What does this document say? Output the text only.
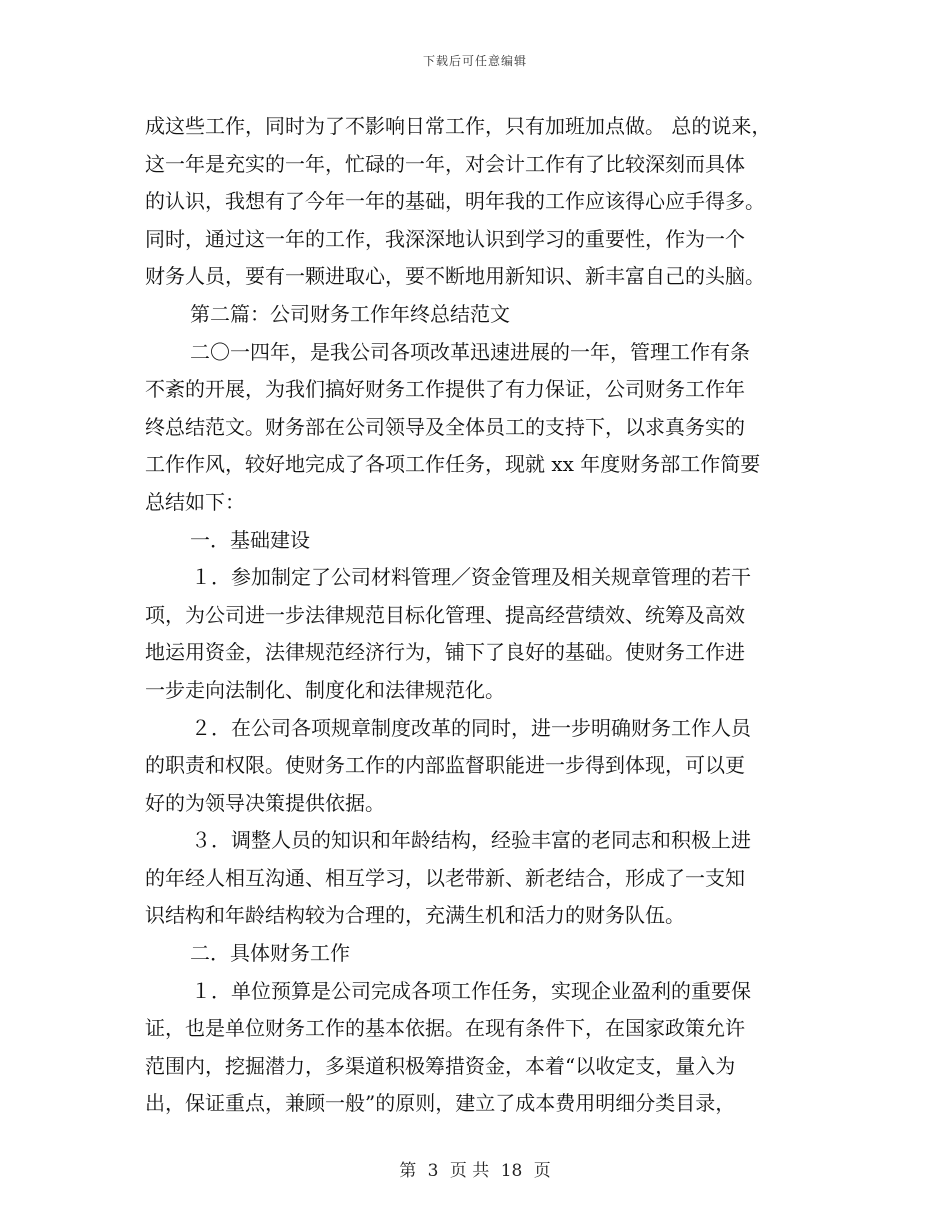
下载后可任意编辑
成这些工作，同时为了不影响日常工作，只有加班加点做。 总的说来，
这一年是充实的一年，忙碌的一年，对会计工作有了比较深刻而具体
的认识，我想有了今年一年的基础，明年我的工作应该得心应手得多。
同时，通过这一年的工作，我深深地认识到学习的重要性，作为一个
财务人员，要有一颗进取心，要不断地用新知识、新丰富自己的头脑。
第二篇：公司财务工作年终总结范文
二〇一四年，是我公司各项改革迅速进展的一年，管理工作有条
不紊的开展，为我们搞好财务工作提供了有力保证，公司财务工作年
终总结范文。财务部在公司领导及全体员工的支持下，以求真务实的
工作作风，较好地完成了各项工作任务，现就 xx 年度财务部工作简要
总结如下：
一．基础建设
１．参加制定了公司材料管理／资金管理及相关规章管理的若干
项，为公司进一步法律规范目标化管理、提高经营绩效、统筹及高效
地运用资金，法律规范经济行为，铺下了良好的基础。使财务工作进
一步走向法制化、制度化和法律规范化。
２．在公司各项规章制度改革的同时，进一步明确财务工作人员
的职责和权限。使财务工作的内部监督职能进一步得到体现，可以更
好的为领导决策提供依据。
３．调整人员的知识和年龄结构，经验丰富的老同志和积极上进
的年经人相互沟通、相互学习，以老带新、新老结合，形成了一支知
识结构和年龄结构较为合理的，充满生机和活力的财务队伍。
二．具体财务工作
１．单位预算是公司完成各项工作任务，实现企业盈利的重要保
证，也是单位财务工作的基本依据。在现有条件下，在国家政策允许
范围内，挖掘潜力，多渠道积极筹措资金，本着“以收定支，量入为
出，保证重点，兼顾一般”的原则，建立了成本费用明细分类目录，
第 3 页 共 18 页
